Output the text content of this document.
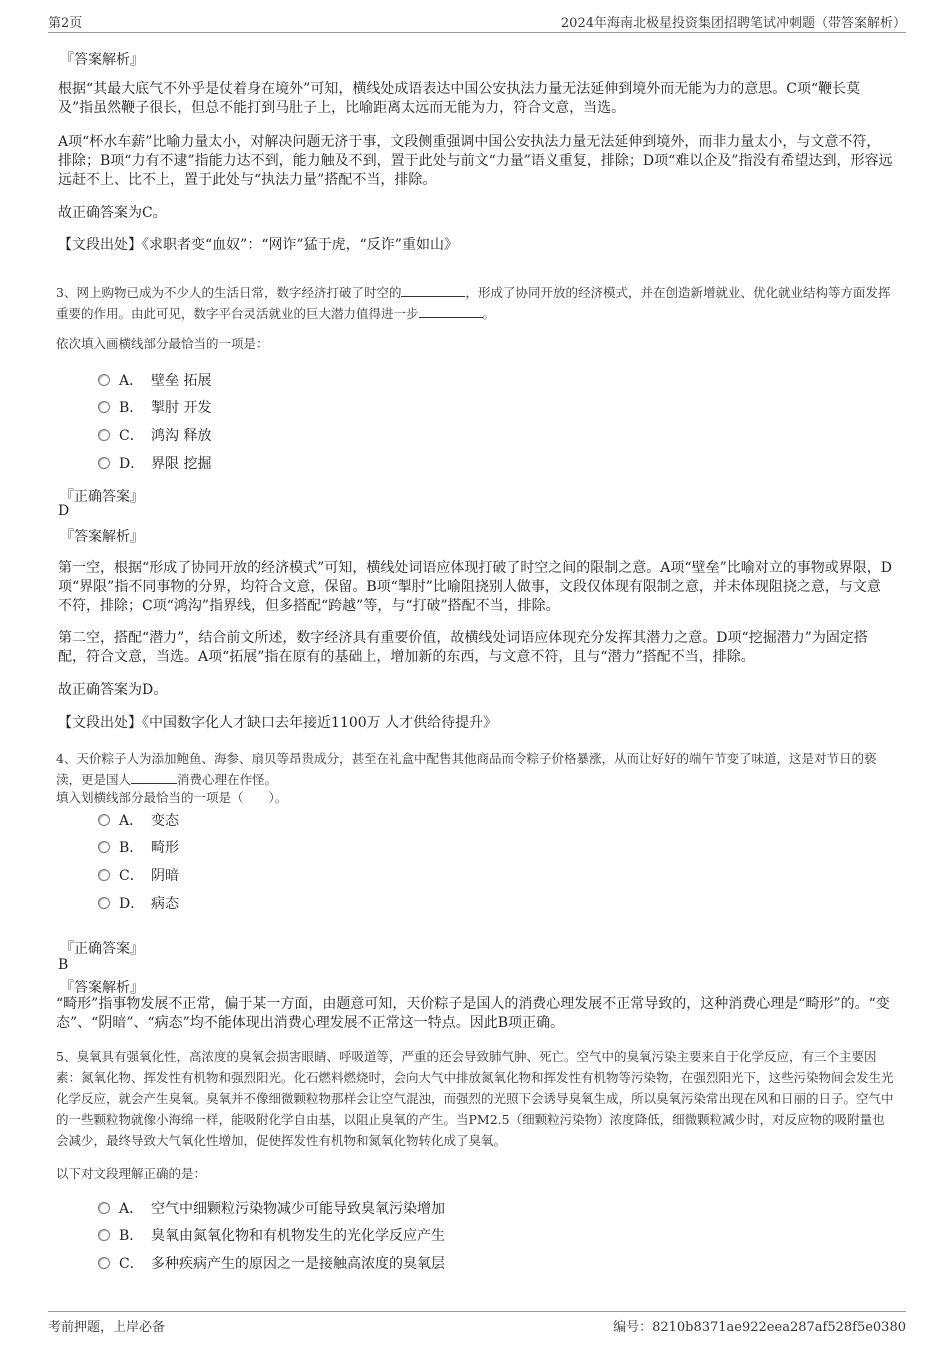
第2页	2024年海南北极星投资集团招聘笔试冲刺题（带答案解析）
『答案解析』
根据“其最大底气不外乎是仗着身在境外”可知，横线处成语表达中国公安执法力量无法延伸到境外而无能为力的意思。C项“鞭长莫及”指虽然鞭子很长，但总不能打到马肚子上，比喻距离太远而无能为力，符合文意，当选。
A项“杯水车薪”比喻力量太小，对解决问题无济于事，文段侧重强调中国公安执法力量无法延伸到境外，而非力量太小，与文意不符，排除；B项“力有不逮”指能力达不到，能力触及不到，置于此处与前文“力量”语义重复，排除；D项“难以企及”指没有希望达到，形容远远赶不上、比不上，置于此处与“执法力量”搭配不当，排除。
故正确答案为C。
【文段出处】《求职者变“血奴”：“网诈”猛于虎，“反诈”重如山》
3、网上购物已成为不少人的生活日常，数字经济打破了时空的	，形成了协同开放的经济模式，并在创造新增就业、优化就业结构等方面发挥重要的作用。由此可见，数字平台灵活就业的巨大潜力值得进一步	。
依次填入画横线部分最恰当的一项是：
A． 壁垒 拓展
B． 掣肘 开发
C． 鸿沟 释放
D． 界限 挖掘
『正确答案』
D
『答案解析』
第一空，根据“形成了协同开放的经济模式”可知，横线处词语应体现打破了时空之间的限制之意。A项“壁垒”比喻对立的事物或界限，D项“界限”指不同事物的分界，均符合文意，保留。B项“掣肘”比喻阻挠别人做事，文段仅体现有限制之意，并未体现阻挠之意，与文意不符，排除；C项“鸿沟”指界线，但多搭配“跨越”等，与“打破”搭配不当，排除。
第二空，搭配“潜力”，结合前文所述，数字经济具有重要价值，故横线处词语应体现充分发挥其潜力之意。D项“挖掘潜力”为固定搭配，符合文意，当选。A项“拓展”指在原有的基础上，增加新的东西，与文意不符，且与“潜力”搭配不当，排除。
故正确答案为D。
【文段出处】《中国数字化人才缺口去年接近1100万 人才供给待提升》
4、天价粽子人为添加鲍鱼、海参、扇贝等昂贵成分，甚至在礼盒中配售其他商品而令粽子价格暴涨，从而让好好的端午节变了味道，这是对节日的亵渎，更是国人	消费心理在作怪。
填入划横线部分最恰当的一项是（　　）。
A． 变态
B． 畸形
C． 阴暗
D． 病态
『正确答案』
B
『答案解析』
“畸形”指事物发展不正常，偏于某一方面，由题意可知，天价粽子是国人的消费心理发展不正常导致的，这种消费心理是“畸形”的。“变态”、“阴暗”、“病态”均不能体现出消费心理发展不正常这一特点。因此B项正确。
5、臭氧具有强氧化性，高浓度的臭氧会损害眼睛、呼吸道等，严重的还会导致肺气肿、死亡。空气中的臭氧污染主要来自于化学反应，有三个主要因素：氮氧化物、挥发性有机物和强烈阳光。化石燃料燃烧时，会向大气中排放氮氧化物和挥发性有机物等污染物，在强烈阳光下，这些污染物间会发生光化学反应，就会产生臭氧。臭氧并不像细微颗粒物那样会让空气混浊，而强烈的光照下会诱导臭氧生成，所以臭氧污染常出现在风和日丽的日子。空气中的一些颗粒物就像小海绵一样，能吸附化学自由基，以阻止臭氧的产生。当PM2.5（细颗粒污染物）浓度降低，细微颗粒减少时，对反应物的吸附量也会减少，最终导致大气氧化性增加，促使挥发性有机物和氮氧化物转化成了臭氧。
以下对文段理解正确的是：
A． 空气中细颗粒污染物减少可能导致臭氧污染增加
B． 臭氧由氮氧化物和有机物发生的光化学反应产生
C． 多种疾病产生的原因之一是接触高浓度的臭氧层
考前押题，上岸必备	编号：8210b8371ae922eea287af528f5e0380
